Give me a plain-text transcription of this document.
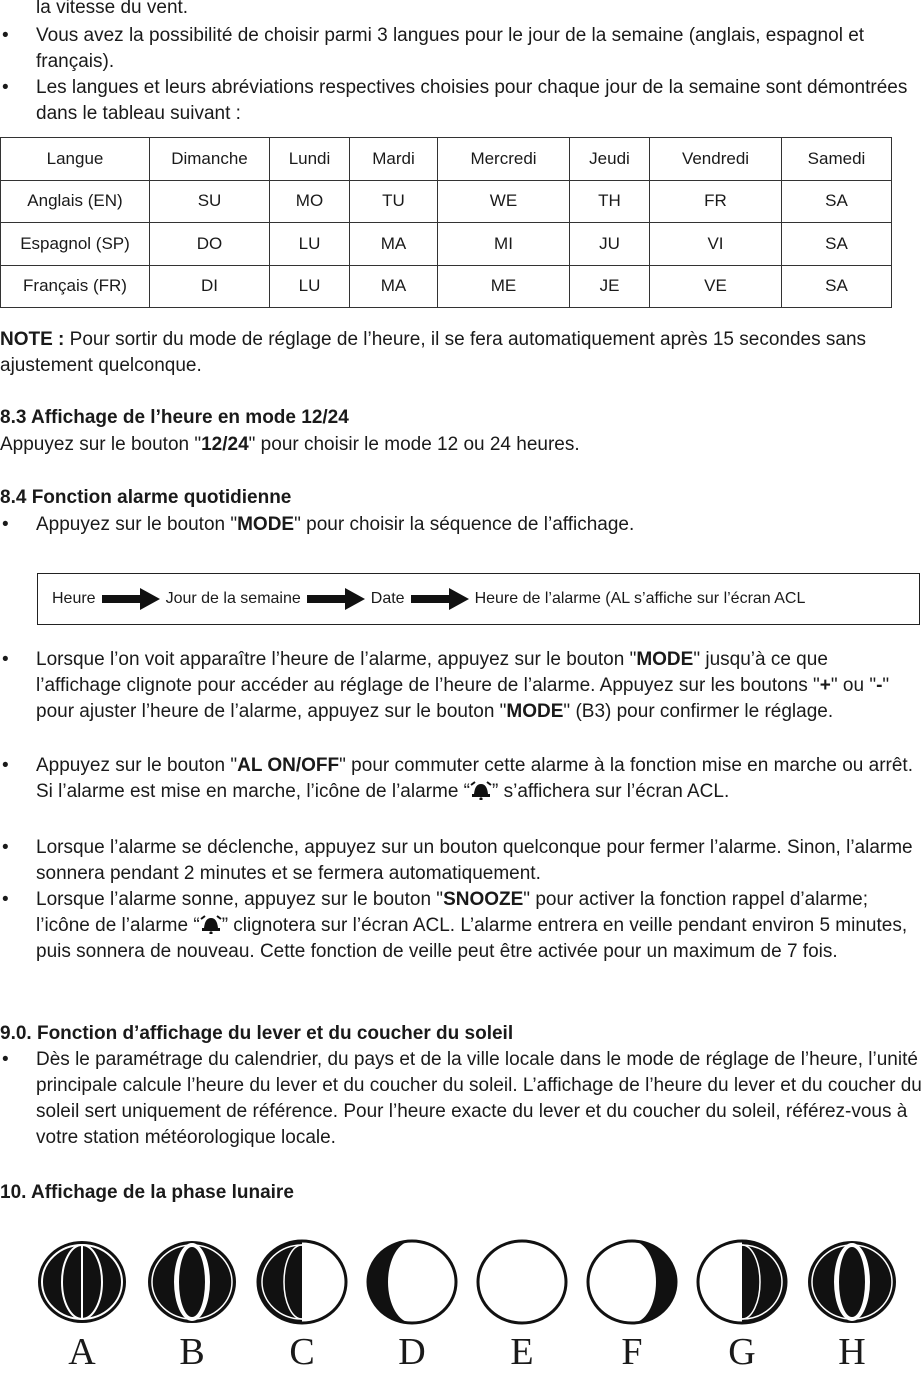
la vitesse du vent.

• Vous avez la possibilité de choisir parmi 3 langues pour le jour de la semaine (anglais, espagnol et français).

• Les langues et leurs abréviations respectives choisies pour chaque jour de la semaine sont démontrées dans le tableau suivant :

Langue	Dimanche	Lundi	Mardi	Mercredi	Jeudi	Vendredi	Samedi
Anglais (EN)	SU	MO	TU	WE	TH	FR	SA
Espagnol (SP)	DO	LU	MA	MI	JU	VI	SA
Français (FR)	DI	LU	MA	ME	JE	VE	SA

NOTE : Pour sortir du mode de réglage de l’heure, il se fera automatiquement après 15 secondes sans ajustement quelconque.

8.3 Affichage de l’heure en mode 12/24

Appuyez sur le bouton "12/24" pour choisir le mode 12 ou 24 heures.

8.4 Fonction alarme quotidienne

• Appuyez sur le bouton "MODE" pour choisir la séquence de l’affichage.

Heure	Jour de la semaine	Date	Heure de l’alarme (AL s’affiche sur l’écran ACL
• Lorsque l’on voit apparaître l’heure de l’alarme, appuyez sur le bouton "MODE" jusqu’à ce que l’affichage clignote pour accéder au réglage de l’heure de l’alarme. Appuyez sur les boutons "+" ou "-" pour ajuster l’heure de l’alarme, appuyez sur le bouton "MODE" (B3) pour confirmer le réglage.

• Appuyez sur le bouton "AL ON/OFF" pour commuter cette alarme à la fonction mise en marche ou arrêt. Si l’alarme est mise en marche, l’icône de l’alarme “ ” s’affichera sur l’écran ACL.

• Lorsque l’alarme se déclenche, appuyez sur un bouton quelconque pour fermer l’alarme. Sinon, l’alarme sonnera pendant 2 minutes et se fermera automatiquement.

• Lorsque l’alarme sonne, appuyez sur le bouton "SNOOZE" pour activer la fonction rappel d’alarme; l’icône de l’alarme “ ” clignotera sur l’écran ACL. L’alarme entrera en veille pendant environ 5 minutes, puis sonnera de nouveau. Cette fonction de veille peut être activée pour un maximum de 7 fois.

9.0. Fonction d’affichage du lever et du coucher du soleil

• Dès le paramétrage du calendrier, du pays et de la ville locale dans le mode de réglage de l’heure, l’unité principale calcule l’heure du lever et du coucher du soleil. L’affichage de l’heure du lever et du coucher du soleil sert uniquement de référence. Pour l’heure exacte du lever et du coucher du soleil, référez-vous à votre station météorologique locale.

10. Affichage de la phase lunaire

A	B	C	D	E	F	G	H
